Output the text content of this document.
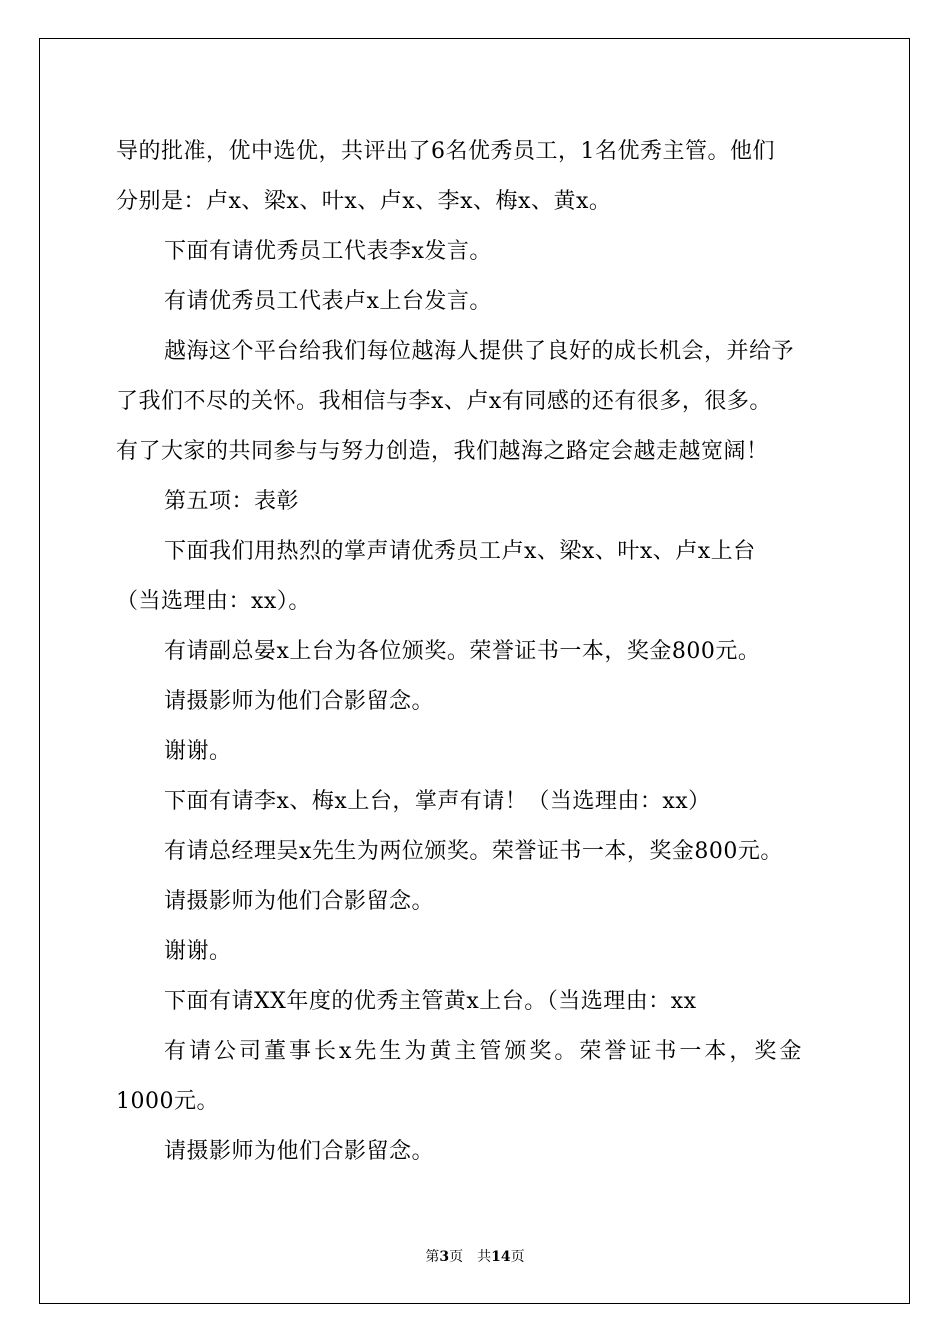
导的批准，优中选优，共评出了6名优秀员工，1名优秀主管。他们

分别是：卢x、梁x、叶x、卢x、李x、梅x、黄x。

下面有请优秀员工代表李x发言。

有请优秀员工代表卢x上台发言。

越海这个平台给我们每位越海人提供了良好的成长机会，并给予

了我们不尽的关怀。我相信与李x、卢x有同感的还有很多，很多。

有了大家的共同参与与努力创造，我们越海之路定会越走越宽阔！

第五项：表彰

下面我们用热烈的掌声请优秀员工卢x、梁x、叶x、卢x上台

（当选理由：xx）。

有请副总晏x上台为各位颁奖。荣誉证书一本，奖金800元。

请摄影师为他们合影留念。

谢谢。

下面有请李x、梅x上台，掌声有请！（当选理由：xx）

有请总经理吴x先生为两位颁奖。荣誉证书一本，奖金800元。

请摄影师为他们合影留念。

谢谢。

下面有请XX年度的优秀主管黄x上台。（当选理由：xx

有请公司董事长x先生为黄主管颁奖。荣誉证书一本，奖金

1000元。

请摄影师为他们合影留念。

第3页 共14页
